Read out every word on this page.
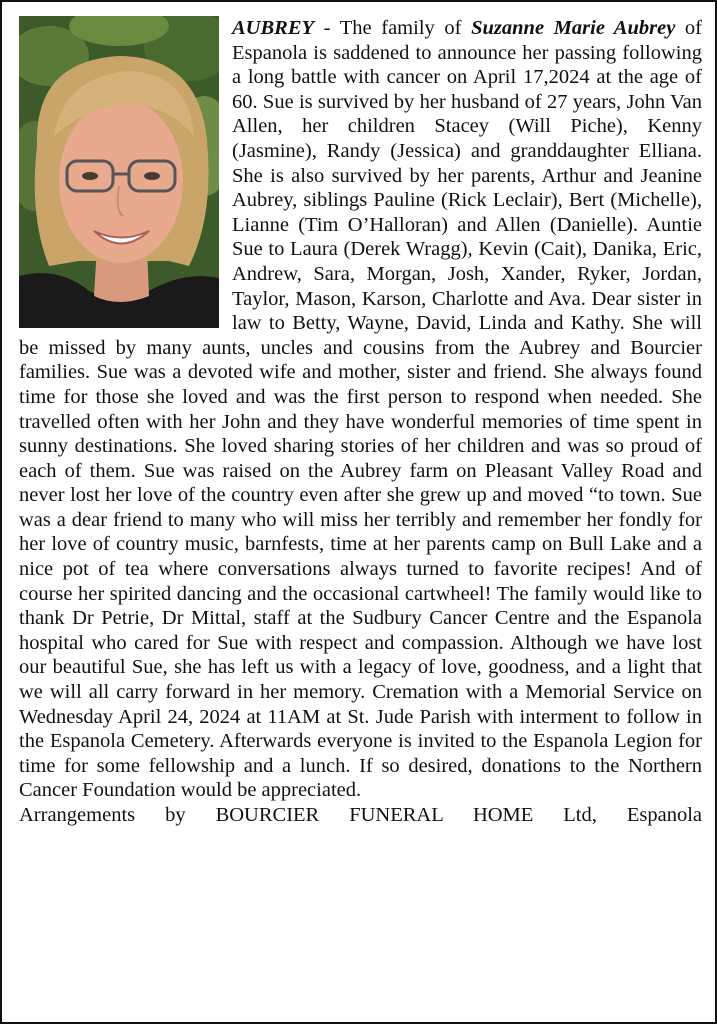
AUBREY - The family of Suzanne Marie Aubrey of Espanola is saddened to announce her passing following a long battle with cancer on April 17,2024 at the age of 60. Sue is survived by her husband of 27 years, John Van Allen, her children Stacey (Will Piche), Kenny (Jasmine), Randy (Jessica) and granddaughter Elliana. She is also survived by her parents, Arthur and Jeanine Aubrey, siblings Pauline (Rick Leclair), Bert (Michelle), Lianne (Tim O’Halloran) and Allen (Danielle). Auntie Sue to Laura (Derek Wragg), Kevin (Cait), Danika, Eric, Andrew, Sara, Morgan, Josh, Xander, Ryker, Jordan, Taylor, Mason, Karson, Charlotte and Ava. Dear sister in law to Betty, Wayne, David, Linda and Kathy. She will be missed by many aunts, uncles and cousins from the Aubrey and Bourcier families. Sue was a devoted wife and mother, sister and friend. She always found time for those she loved and was the first person to respond when needed. She travelled often with her John and they have wonderful memories of time spent in sunny destinations. She loved sharing stories of her children and was so proud of each of them. Sue was raised on the Aubrey farm on Pleasant Valley Road and never lost her love of the country even after she grew up and moved “to town. Sue was a dear friend to many who will miss her terribly and remember her fondly for her love of country music, barnfests, time at her parents camp on Bull Lake and a nice pot of tea where conversations always turned to favorite recipes! And of course her spirited dancing and the occasional cartwheel! The family would like to thank Dr Petrie, Dr Mittal, staff at the Sudbury Cancer Centre and the Espanola hospital who cared for Sue with respect and compassion. Although we have lost our beautiful Sue, she has left us with a legacy of love, goodness, and a light that we will all carry forward in her memory. Cremation with a Memorial Service on Wednesday April 24, 2024 at 11AM at St. Jude Parish with interment to follow in the Espanola Cemetery. Afterwards everyone is invited to the Espanola Legion for time for some fellowship and a lunch. If so desired, donations to the Northern Cancer Foundation would be appreciated.
Arrangements by BOURCIER FUNERAL HOME Ltd, Espanola
